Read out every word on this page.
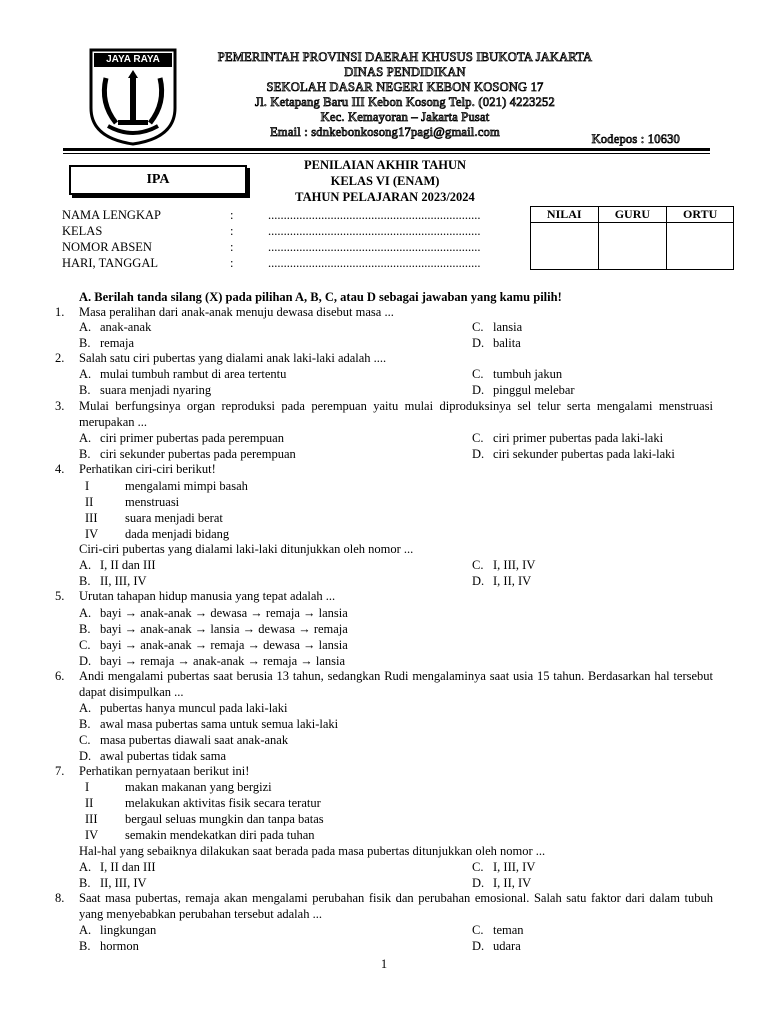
JAYA RAYA	PEMERINTAH PROVINSI DAERAH KHUSUS IBUKOTA JAKARTA
DINAS PENDIDIKAN
SEKOLAH DASAR NEGERI KEBON KOSONG 17
Jl. Ketapang Baru III Kebon Kosong Telp. (021) 4223252
Kec. Kemayoran – Jakarta Pusat
Email : sdnkebonkosong17pagi@gmail.com	Kodepos : 10630
IPA
PENILAIAN AKHIR TAHUN
KELAS VI (ENAM)
TAHUN PELAJARAN 2023/2024
NAMA LENGKAP	:	....................................................................
KELAS	:	....................................................................
NOMOR ABSEN	:	....................................................................
HARI, TANGGAL	:	....................................................................
NILAI	GURU	ORTU

A. Berilah tanda silang (X) pada pilihan A, B, C, atau D sebagai jawaban yang kamu pilih!
1. Masa peralihan dari anak-anak menuju dewasa disebut masa ...
A. anak-anak
B. remaja
C. lansia
D. balita
2. Salah satu ciri pubertas yang dialami anak laki-laki adalah ....
A. mulai tumbuh rambut di area tertentu
B. suara menjadi nyaring
C. tumbuh jakun
D. pinggul melebar
3. Mulai berfungsinya organ reproduksi pada perempuan yaitu mulai diproduksinya sel telur serta mengalami menstruasi merupakan ...
A. ciri primer pubertas pada perempuan
B. ciri sekunder pubertas pada perempuan
C. ciri primer pubertas pada laki-laki
D. ciri sekunder pubertas pada laki-laki
4. Perhatikan ciri-ciri berikut!
I	mengalami mimpi basah
II	menstruasi
III suara menjadi berat
IV dada menjadi bidang
Ciri-ciri pubertas yang dialami laki-laki ditunjukkan oleh nomor ...
A. I, II dan III
B. II, III, IV
C. I, III, IV
D. I, II, IV
5. Urutan tahapan hidup manusia yang tepat adalah ...
A. bayi → anak-anak → dewasa → remaja → lansia
B. bayi → anak-anak → lansia → dewasa → remaja
C. bayi → anak-anak → remaja → dewasa → lansia
D. bayi → remaja → anak-anak → remaja → lansia
6. Andi mengalami pubertas saat berusia 13 tahun, sedangkan Rudi mengalaminya saat usia 15 tahun. Berdasarkan hal tersebut dapat disimpulkan ...
A. pubertas hanya muncul pada laki-laki
B. awal masa pubertas sama untuk semua laki-laki
C. masa pubertas diawali saat anak-anak
D. awal pubertas tidak sama
7. Perhatikan pernyataan berikut ini!
I	makan makanan yang bergizi
II	melakukan aktivitas fisik secara teratur
III bergaul seluas mungkin dan tanpa batas
IV semakin mendekatkan diri pada tuhan
Hal-hal yang sebaiknya dilakukan saat berada pada masa pubertas ditunjukkan oleh nomor ...
A. I, II dan III
B. II, III, IV
C. I, III, IV
D. I, II, IV
8. Saat masa pubertas, remaja akan mengalami perubahan fisik dan perubahan emosional. Salah satu faktor dari dalam tubuh yang menyebabkan perubahan tersebut adalah ...
A. lingkungan
B. hormon
C. teman
D. udara
1
